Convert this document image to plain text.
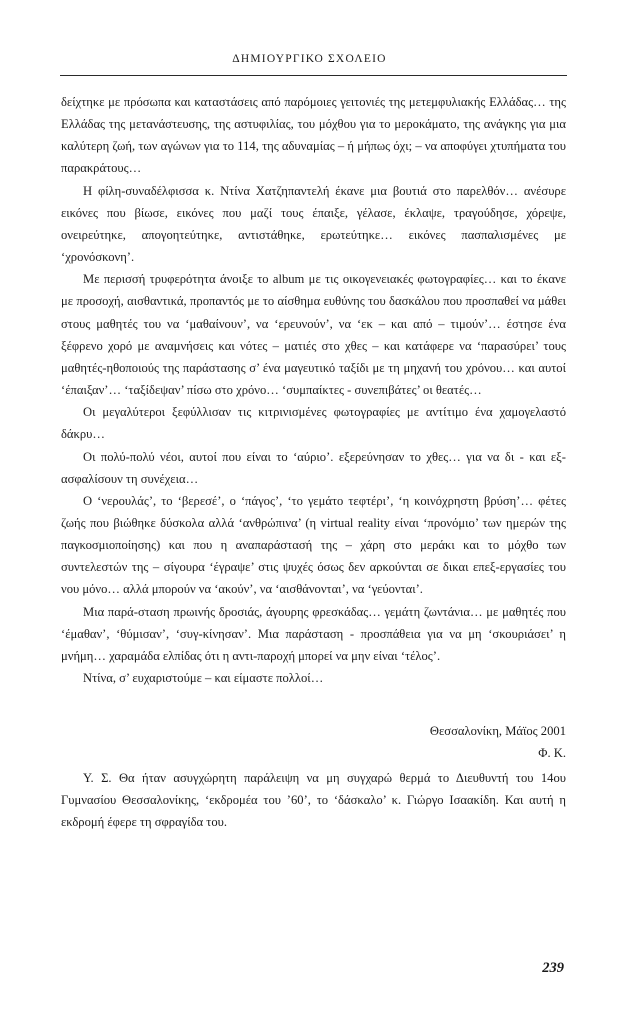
ΔΗΜΙΟΥΡΓΙΚΟ ΣΧΟΛΕΙΟ

δείχτηκε με πρόσωπα και καταστάσεις από παρόμοιες γειτονιές της μετεμφυλιακής Ελλάδας… της Ελλάδας της μετανάστευσης, της αστυφιλίας, του μόχθου για το μεροκάματο, της ανάγκης για μια καλύτερη ζωή, των αγώνων για το 114, της αδυναμίας – ή μήπως όχι; – να αποφύγει χτυπήματα του παρακράτους…

Η φίλη-συναδέλφισσα κ. Ντίνα Χατζηπαντελή έκανε μια βουτιά στο παρελθόν… ανέσυρε εικόνες που βίωσε, εικόνες που μαζί τους έπαιξε, γέλασε, έκλαψε, τραγούδησε, χόρεψε, ονειρεύτηκε, απογοητεύτηκε, αντιστάθηκε, ερωτεύτηκε… εικόνες πασπαλισμένες με ‘χρονόσκονη’.

Με περισσή τρυφερότητα άνοιξε το album με τις οικογενειακές φωτογραφίες… και το έκανε με προσοχή, αισθαντικά, προπαντός με το αίσθημα ευθύνης του δασκάλου που προσπαθεί να μάθει στους μαθητές του να ‘μαθαίνουν’, να ‘ερευνούν’, να ‘εκ – και από – τιμούν’… έστησε ένα ξέφρενο χορό με αναμνήσεις και νότες – ματιές στο χθες – και κατάφερε να ‘παρασύρει’ τους μαθητές-ηθοποιούς της παράστασης σ’ ένα μαγευτικό ταξίδι με τη μηχανή του χρόνου… και αυτοί ‘έπαιξαν’… ‘ταξίδεψαν’ πίσω στο χρόνο… ‘συμπαίκτες - συνεπιβάτες’ οι θεατές…

Οι μεγαλύτεροι ξεφύλλισαν τις κιτρινισμένες φωτογραφίες με αντίτιμο ένα χαμογελαστό δάκρυ…

Οι πολύ-πολύ νέοι, αυτοί που είναι το ‘αύριο’. εξερεύνησαν το χθες… για να δι - και εξ-ασφαλίσουν τη συνέχεια…

Ο ‘νερουλάς’, το ‘βερεσέ’, ο ‘πάγος’, ‘το γεμάτο τεφτέρι’, ‘η κοινόχρηστη βρύση’… φέτες ζωής που βιώθηκε δύσκολα αλλά ‘ανθρώπινα’ (η virtual reality είναι ‘προνόμιο’ των ημερών της παγκοσμιοποίησης) και που η αναπαράστασή της – χάρη στο μεράκι και το μόχθο των συντελεστών της – σίγουρα ‘έγραψε’ στις ψυχές όσως δεν αρκούνται σε δικαι επεξ-εργασίες του νου μόνο… αλλά μπορούν να ‘ακούν’, να ‘αισθάνονται’, να ‘γεύονται’.

Μια παρά-σταση πρωινής δροσιάς, άγουρης φρεσκάδας… γεμάτη ζωντάνια… με μαθητές που ‘έμαθαν’, ‘θύμισαν’, ‘συγ-κίνησαν’. Μια παράσταση - προσπάθεια για να μη ‘σκουριάσει’ η μνήμη… χαραμάδα ελπίδας ότι η αντι-παροχή μπορεί να μην είναι ‘τέλος’.

Ντίνα, σ’ ευχαριστούμε – και είμαστε πολλοί…

Θεσσαλονίκη, Μάϊος 2001
Φ. Κ.

Υ. Σ. Θα ήταν ασυγχώρητη παράλειψη να μη συγχαρώ θερμά το Διευθυντή του 14ου Γυμνασίου Θεσσαλονίκης, ‘εκδρομέα του ’60’, το ‘δάσκαλο’ κ. Γιώργο Ισαακίδη. Και αυτή η εκδρομή έφερε τη σφραγίδα του.

239
